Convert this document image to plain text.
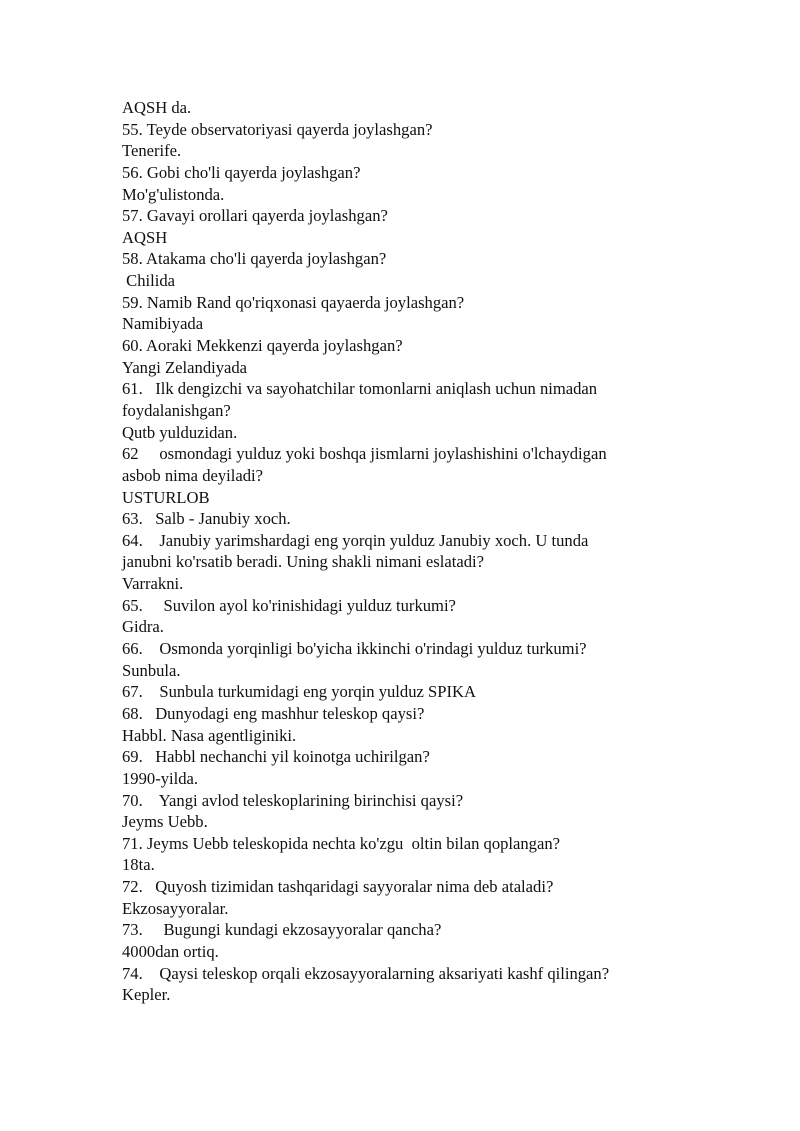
AQSH da.
55. Teyde observatoriyasi qayerda joylashgan?
Tenerife.
56. Gobi cho'li qayerda joylashgan?
Mo'g'ulistonda.
57. Gavayi orollari qayerda joylashgan?
AQSH
58. Atakama cho'li qayerda joylashgan?
Chilida
59. Namib Rand qo'riqxonasi qayaerda joylashgan?
Namibiyada
60. Aoraki Mekkenzi qayerda joylashgan?
Yangi Zelandiyada
61.   Ilk dengizchi va sayohatchilar tomonlarni aniqlash uchun nimadan
foydalanishgan?
Qutb yulduzidan.
62     osmondagi yulduz yoki boshqa jismlarni joylashishini o'lchaydigan
asbob nima deyiladi?
USTURLOB
63.   Salb - Janubiy xoch.
64.    Janubiy yarimshardagi eng yorqin yulduz Janubiy xoch. U tunda
janubni ko'rsatib beradi. Uning shakli nimani eslatadi?
Varrakni.
65.     Suvilon ayol ko'rinishidagi yulduz turkumi?
Gidra.
66.    Osmonda yorqinligi bo'yicha ikkinchi o'rindagi yulduz turkumi?
Sunbula.
67.    Sunbula turkumidagi eng yorqin yulduz SPIKA
68.   Dunyodagi eng mashhur teleskop qaysi?
Habbl. Nasa agentliginiki.
69.   Habbl nechanchi yil koinotga uchirilgan?
1990-yilda.
70.    Yangi avlod teleskoplarining birinchisi qaysi?
Jeyms Uebb.
71. Jeyms Uebb teleskopida nechta ko'zgu  oltin bilan qoplangan?
18ta.
72.   Quyosh tizimidan tashqaridagi sayyoralar nima deb ataladi?
Ekzosayyoralar.
73.     Bugungi kundagi ekzosayyoralar qancha?
4000dan ortiq.
74.    Qaysi teleskop orqali ekzosayyoralarning aksariyati kashf qilingan?
Kepler.
